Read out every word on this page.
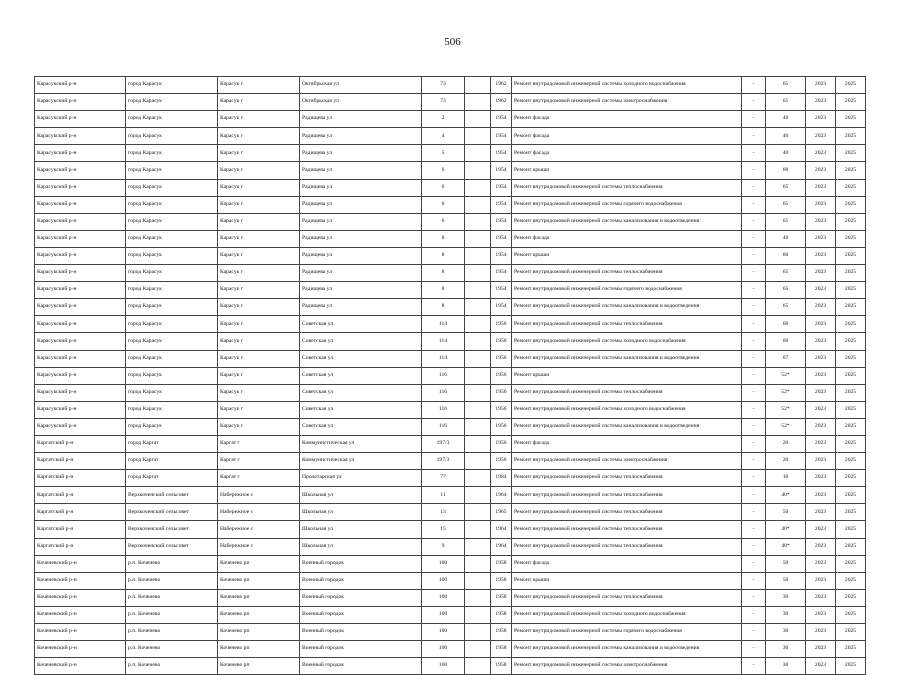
506
Карасукский р-н	город Карасук	Карасук г	Октябрьская ул	73		1962	Ремонт внутридомовой инженерной системы холодного водоснабжения	-	65	2023	2025
Карасукский р-н	город Карасук	Карасук г	Октябрьская ул	73		1962	Ремонт внутридомовой инженерной системы электроснабжения	-	65	2023	2025
Карасукский р-н	город Карасук	Карасук г	Радищева ул	2		1954	Ремонт фасада	-	40	2023	2025
Карасукский р-н	город Карасук	Карасук г	Радищева ул	4		1954	Ремонт фасада	-	40	2023	2025
Карасукский р-н	город Карасук	Карасук г	Радищева ул	5		1954	Ремонт фасада	-	40	2023	2025
Карасукский р-н	город Карасук	Карасук г	Радищева ул	6		1954	Ремонт крыши	-	60	2023	2025
Карасукский р-н	город Карасук	Карасук г	Радищева ул	6		1954	Ремонт внутридомовой инженерной системы теплоснабжения	-	65	2023	2025
Карасукский р-н	город Карасук	Карасук г	Радищева ул	6		1954	Ремонт внутридомовой инженерной системы горячего водоснабжения	-	65	2023	2025
Карасукский р-н	город Карасук	Карасук г	Радищева ул	6		1954	Ремонт внутридомовой инженерной системы канализования и водоотведения	-	65	2023	2025
Карасукский р-н	город Карасук	Карасук г	Радищева ул	8		1954	Ремонт фасада	-	40	2023	2025
Карасукский р-н	город Карасук	Карасук г	Радищева ул	8		1954	Ремонт крыши	-	60	2023	2025
Карасукский р-н	город Карасук	Карасук г	Радищева ул	8		1954	Ремонт внутридомовой инженерной системы теплоснабжения	-	65	2023	2025
Карасукский р-н	город Карасук	Карасук г	Радищева ул	8		1954	Ремонт внутридомовой инженерной системы горячего водоснабжения	-	65	2023	2025
Карасукский р-н	город Карасук	Карасук г	Радищева ул	8		1954	Ремонт внутридомовой инженерной системы канализования и водоотведения	-	65	2023	2025
Карасукский р-н	город Карасук	Карасук г	Советская ул	114		1956	Ремонт внутридомовой инженерной системы теплоснабжения	-	60	2023	2025
Карасукский р-н	город Карасук	Карасук г	Советская ул	114		1956	Ремонт внутридомовой инженерной системы холодного водоснабжения	-	60	2023	2025
Карасукский р-н	город Карасук	Карасук г	Советская ул	114		1956	Ремонт внутридомовой инженерной системы канализования и водоотведения	-	67	2023	2025
Карасукский р-н	город Карасук	Карасук г	Советская ул	116		1956	Ремонт крыши	-	52*	2023	2025
Карасукский р-н	город Карасук	Карасук г	Советская ул	116		1956	Ремонт внутридомовой инженерной системы теплоснабжения	-	52*	2023	2025
Карасукский р-н	город Карасук	Карасук г	Советская ул	116		1956	Ремонт внутридомовой инженерной системы холодного водоснабжения	-	52*	2023	2025
Карасукский р-н	город Карасук	Карасук г	Советская ул	116		1956	Ремонт внутридомовой инженерной системы канализования и водоотведения	-	52*	2023	2025
Каргатский р-н	город Каргат	Каргат г	Коммунистическая ул	197/3		1956	Ремонт фасада	-	20	2023	2025
Каргатский р-н	город Каргат	Каргат г	Коммунистическая ул	197/3		1956	Ремонт внутридомовой инженерной системы электроснабжения	-	20	2023	2025
Каргатский р-н	город Каргат	Каргат г	Пролетарская ул	77		1984	Ремонт внутридомовой инженерной системы теплоснабжения	-	10	2023	2025
Каргатский р-н	Верхкоченский сельсовет	Набережное с	Школьная ул	11		1964	Ремонт внутридомовой инженерной системы теплоснабжения	-	40*	2023	2025
Каргатский р-н	Верхкоченский сельсовет	Набережное с	Школьная ул	13		1965	Ремонт внутридомовой инженерной системы теплоснабжения	-	50	2023	2025
Каргатский р-н	Верхкоченский сельсовет	Набережное с	Школьная ул	15		1964	Ремонт внутридомовой инженерной системы теплоснабжения	-	40*	2023	2025
Каргатский р-н	Верхкоченский сельсовет	Набережное с	Школьная ул	9		1964	Ремонт внутридомовой инженерной системы теплоснабжения	-	40*	2023	2025
Коченевский р-н	р.п. Коченево	Коченево рп	Военный городок	100		1958	Ремонт фасада	-	50	2023	2025
Коченевский р-н	р.п. Коченево	Коченево рп	Военный городок	100		1958	Ремонт крыши	-	50	2023	2025
Коченевский р-н	р.п. Коченево	Коченево рп	Военный городок	100		1958	Ремонт внутридомовой инженерной системы теплоснабжения	-	30	2023	2025
Коченевский р-н	р.п. Коченево	Коченево рп	Военный городок	100		1958	Ремонт внутридомовой инженерной системы холодного водоснабжения	-	30	2023	2025
Коченевский р-н	р.п. Коченево	Коченево рп	Военный городок	100		1958	Ремонт внутридомовой инженерной системы горячего водоснабжения	-	30	2023	2025
Коченевский р-н	р.п. Коченево	Коченево рп	Военный городок	100		1958	Ремонт внутридомовой инженерной системы канализования и водоотведения	-	30	2023	2025
Коченевский р-н	р.п. Коченево	Коченево рп	Военный городок	100		1958	Ремонт внутридомовой инженерной системы электроснабжения	-	30	2023	2025
